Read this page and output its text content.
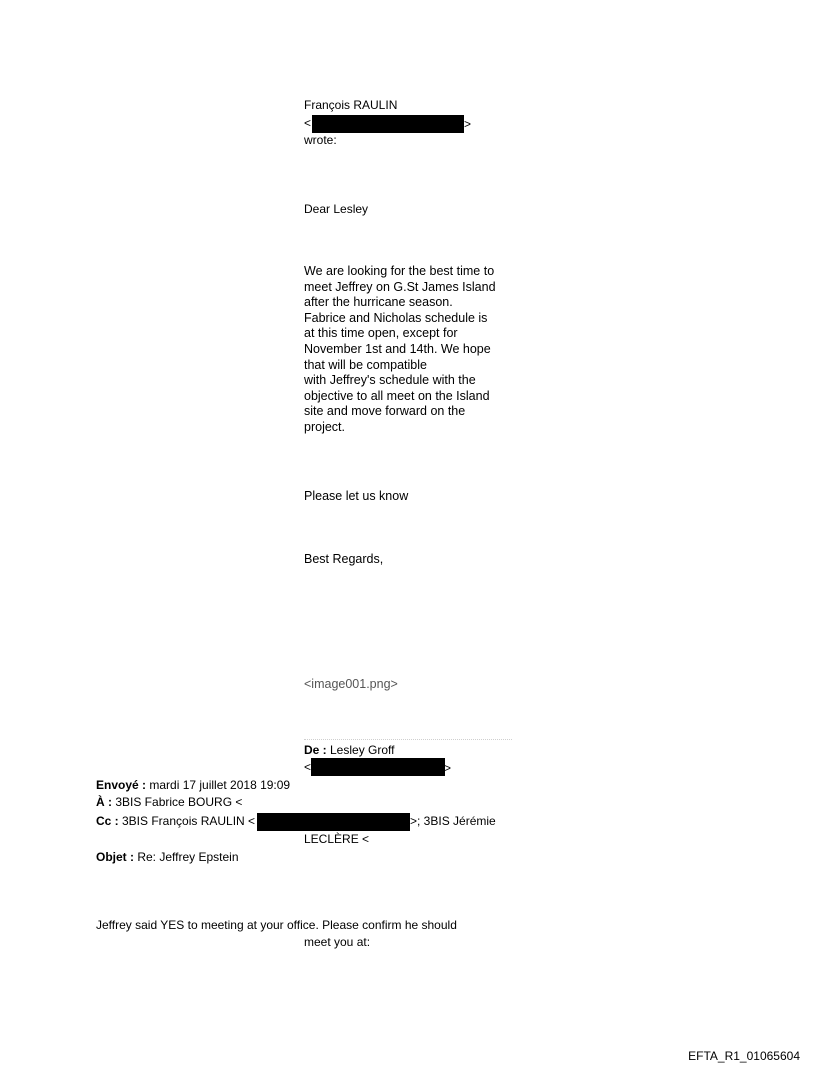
François RAULIN
<	>
wrote:
Dear Lesley
We are looking for the best time to
meet Jeffrey on G.St James Island
after the hurricane season.
Fabrice and Nicholas schedule is
at this time open, except for
November 1st and 14th. We hope
that will be compatible
with Jeffrey's schedule with the
objective to all meet on the Island
site and move forward on the
project.
Please let us know
Best Regards,
<image001.png>
De : Lesley Groff
<	>
Envoyé : mardi 17 juillet 2018 19:09
À : 3BIS Fabrice BOURG <
Cc : 3BIS François RAULIN <	>; 3BIS Jérémie
LECLÈRE <
Objet : Re: Jeffrey Epstein
Jeffrey said YES to meeting at your office. Please confirm he should
meet you at:
EFTA_R1_01065604
